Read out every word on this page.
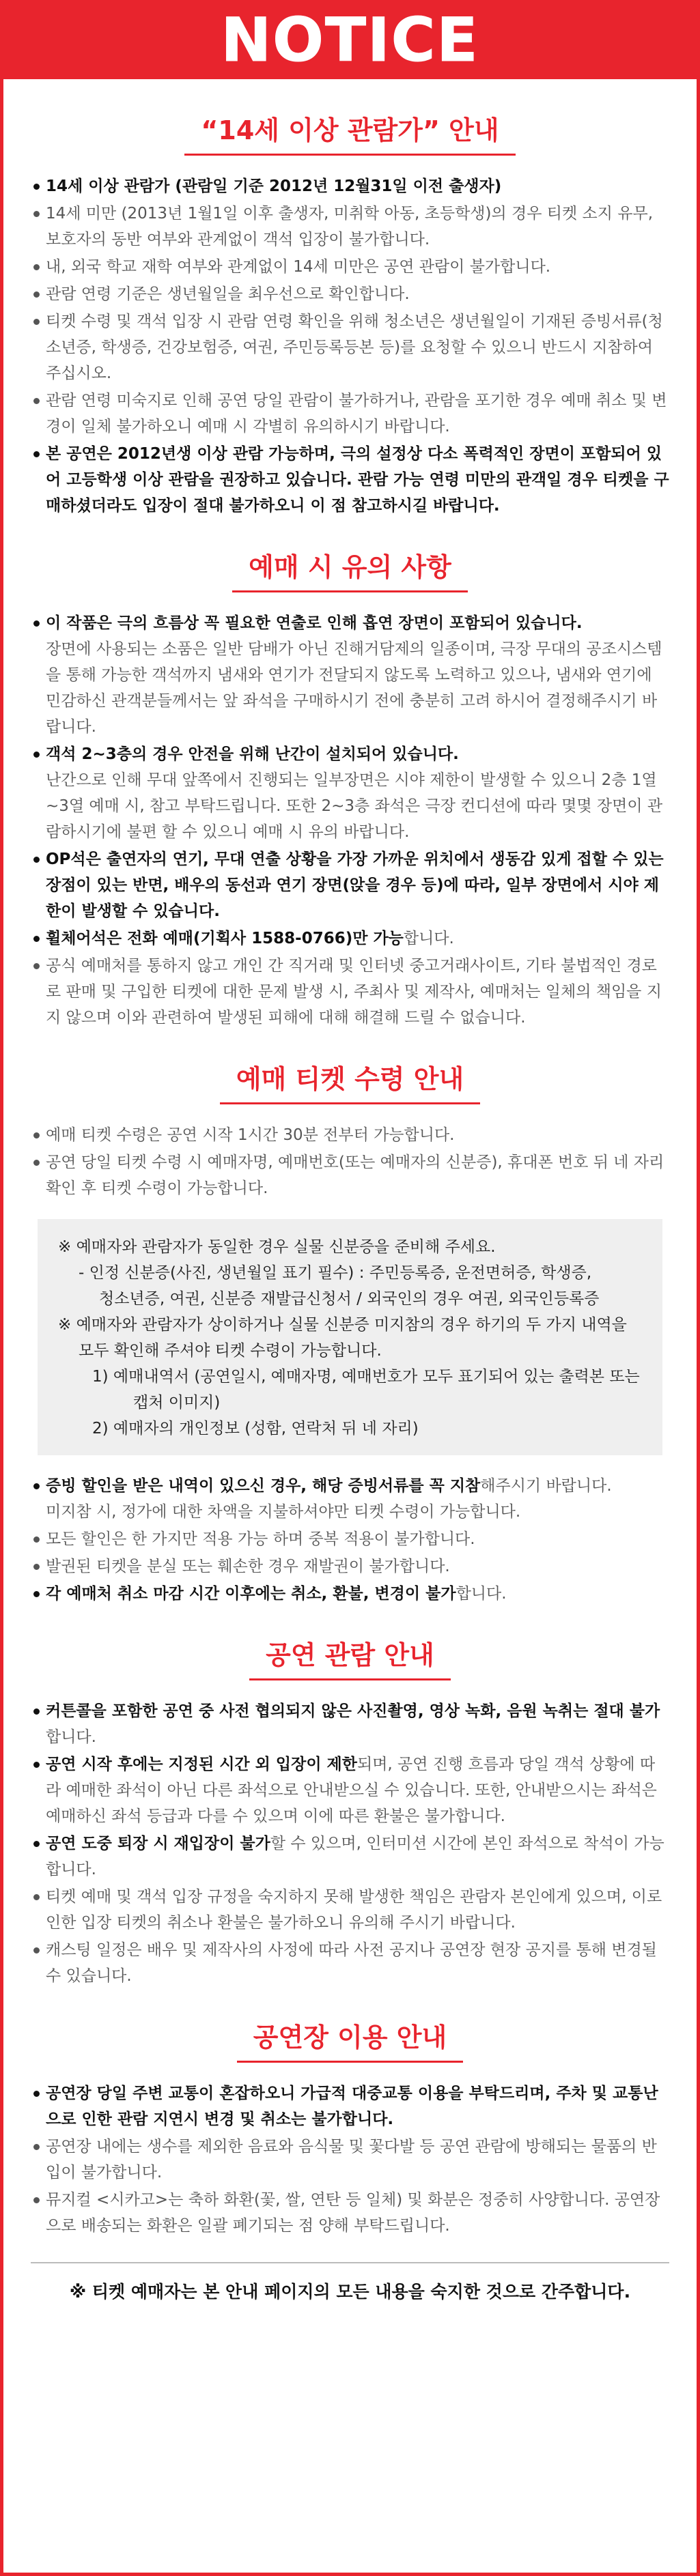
NOTICE
“14세 이상 관람가” 안내
14세 이상 관람가 (관람일 기준 2012년 12월31일 이전 출생자)
14세 미만 (2013년 1월1일 이후 출생자, 미취학 아동, 초등학생)의 경우 티켓 소지 유무, 보호자의 동반 여부와 관계없이 객석 입장이 불가합니다.
내, 외국 학교 재학 여부와 관계없이 14세 미만은 공연 관람이 불가합니다.
관람 연령 기준은 생년월일을 최우선으로 확인합니다.
티켓 수령 및 객석 입장 시 관람 연령 확인을 위해 청소년은 생년월일이 기재된 증빙서류(청소년증, 학생증, 건강보험증, 여권, 주민등록등본 등)를 요청할 수 있으니 반드시 지참하여 주십시오.
관람 연령 미숙지로 인해 공연 당일 관람이 불가하거나, 관람을 포기한 경우 예매 취소 및 변경이 일체 불가하오니 예매 시 각별히 유의하시기 바랍니다.
본 공연은 2012년생 이상 관람 가능하며, 극의 설정상 다소 폭력적인 장면이 포함되어 있어 고등학생 이상 관람을 권장하고 있습니다. 관람 가능 연령 미만의 관객일 경우 티켓을 구매하셨더라도 입장이 절대 불가하오니 이 점 참고하시길 바랍니다.
예매 시 유의 사항
이 작품은 극의 흐름상 꼭 필요한 연출로 인해 흡연 장면이 포함되어 있습니다.
장면에 사용되는 소품은 일반 담배가 아닌 진해거담제의 일종이며, 극장 무대의 공조시스템을 통해 가능한 객석까지 냄새와 연기가 전달되지 않도록 노력하고 있으나, 냄새와 연기에 민감하신 관객분들께서는 앞 좌석을 구매하시기 전에 충분히 고려 하시어 결정해주시기 바랍니다.
객석 2~3층의 경우 안전을 위해 난간이 설치되어 있습니다.
난간으로 인해 무대 앞쪽에서 진행되는 일부장면은 시야 제한이 발생할 수 있으니 2층 1열~3열 예매 시, 참고 부탁드립니다. 또한 2~3층 좌석은 극장 컨디션에 따라 몇몇 장면이 관람하시기에 불편 할 수 있으니 예매 시 유의 바랍니다.
OP석은 출연자의 연기, 무대 연출 상황을 가장 가까운 위치에서 생동감 있게 접할 수 있는 장점이 있는 반면, 배우의 동선과 연기 장면(앉을 경우 등)에 따라, 일부 장면에서 시야 제한이 발생할 수 있습니다.
휠체어석은 전화 예매(기획사 1588-0766)만 가능합니다.
공식 예매처를 통하지 않고 개인 간 직거래 및 인터넷 중고거래사이트, 기타 불법적인 경로로 판매 및 구입한 티켓에 대한 문제 발생 시, 주최사 및 제작사, 예매처는 일체의 책임을 지지 않으며 이와 관련하여 발생된 피해에 대해 해결해 드릴 수 없습니다.
예매 티켓 수령 안내
예매 티켓 수령은 공연 시작 1시간 30분 전부터 가능합니다.
공연 당일 티켓 수령 시 예매자명, 예매번호(또는 예매자의 신분증), 휴대폰 번호 뒤 네 자리 확인 후 티켓 수령이 가능합니다.
※ 예매자와 관람자가 동일한 경우 실물 신분증을 준비해 주세요.
- 인정 신분증(사진, 생년월일 표기 필수) : 주민등록증, 운전면허증, 학생증,
청소년증, 여권, 신분증 재발급신청서 / 외국인의 경우 여권, 외국인등록증
※ 예매자와 관람자가 상이하거나 실물 신분증 미지참의 경우 하기의 두 가지 내역을
모두 확인해 주셔야 티켓 수령이 가능합니다.
1) 예매내역서 (공연일시, 예매자명, 예매번호가 모두 표기되어 있는 출력본 또는
캡처 이미지)
2) 예매자의 개인정보 (성함, 연락처 뒤 네 자리)
증빙 할인을 받은 내역이 있으신 경우, 해당 증빙서류를 꼭 지참해주시기 바랍니다.
미지참 시, 정가에 대한 차액을 지불하셔야만 티켓 수령이 가능합니다.
모든 할인은 한 가지만 적용 가능 하며 중복 적용이 불가합니다.
발권된 티켓을 분실 또는 훼손한 경우 재발권이 불가합니다.
각 예매처 취소 마감 시간 이후에는 취소, 환불, 변경이 불가합니다.
공연 관람 안내
커튼콜을 포함한 공연 중 사전 협의되지 않은 사진촬영, 영상 녹화, 음원 녹취는 절대 불가합니다.
공연 시작 후에는 지정된 시간 외 입장이 제한되며, 공연 진행 흐름과 당일 객석 상황에 따라 예매한 좌석이 아닌 다른 좌석으로 안내받으실 수 있습니다. 또한, 안내받으시는 좌석은 예매하신 좌석 등급과 다를 수 있으며 이에 따른 환불은 불가합니다.
공연 도중 퇴장 시 재입장이 불가할 수 있으며, 인터미션 시간에 본인 좌석으로 착석이 가능합니다.
티켓 예매 및 객석 입장 규정을 숙지하지 못해 발생한 책임은 관람자 본인에게 있으며, 이로 인한 입장 티켓의 취소나 환불은 불가하오니 유의해 주시기 바랍니다.
캐스팅 일정은 배우 및 제작사의 사정에 따라 사전 공지나 공연장 현장 공지를 통해 변경될 수 있습니다.
공연장 이용 안내
공연장 당일 주변 교통이 혼잡하오니 가급적 대중교통 이용을 부탁드리며, 주차 및 교통난으로 인한 관람 지연시 변경 및 취소는 불가합니다.
공연장 내에는 생수를 제외한 음료와 음식물 및 꽃다발 등 공연 관람에 방해되는 물품의 반입이 불가합니다.
뮤지컬 <시카고>는 축하 화환(꽃, 쌀, 연탄 등 일체) 및 화분은 정중히 사양합니다. 공연장으로 배송되는 화환은 일괄 폐기되는 점 양해 부탁드립니다.
※ 티켓 예매자는 본 안내 페이지의 모든 내용을 숙지한 것으로 간주합니다.
